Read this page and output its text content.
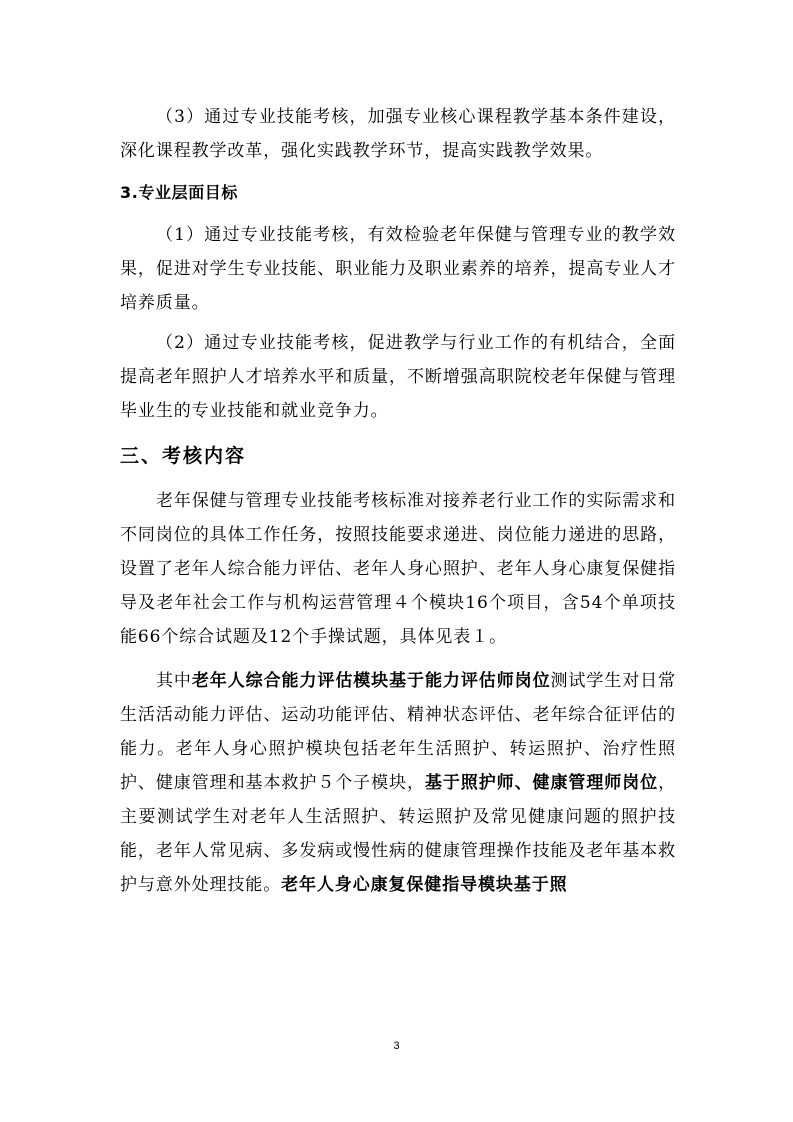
（3）通过专业技能考核，加强专业核心课程教学基本条件建设，深化课程教学改革，强化实践教学环节，提高实践教学效果。

3.专业层面目标

（1）通过专业技能考核，有效检验老年保健与管理专业的教学效果，促进对学生专业技能、职业能力及职业素养的培养，提高专业人才培养质量。

（2）通过专业技能考核，促进教学与行业工作的有机结合，全面提高老年照护人才培养水平和质量，不断增强高职院校老年保健与管理毕业生的专业技能和就业竞争力。

三、考核内容

老年保健与管理专业技能考核标准对接养老行业工作的实际需求和不同岗位的具体工作任务，按照技能要求递进、岗位能力递进的思路，设置了老年人综合能力评估、老年人身心照护、老年人身心康复保健指导及老年社会工作与机构运营管理４个模块16个项目，含54个单项技能66个综合试题及12个手操试题，具体见表１。

其中老年人综合能力评估模块基于能力评估师岗位测试学生对日常生活活动能力评估、运动功能评估、精神状态评估、老年综合征评估的能力。老年人身心照护模块包括老年生活照护、转运照护、治疗性照护、健康管理和基本救护５个子模块，基于照护师、健康管理师岗位，主要测试学生对老年人生活照护、转运照护及常见健康问题的照护技能，老年人常见病、多发病或慢性病的健康管理操作技能及老年基本救护与意外处理技能。老年人身心康复保健指导模块基于照

3
